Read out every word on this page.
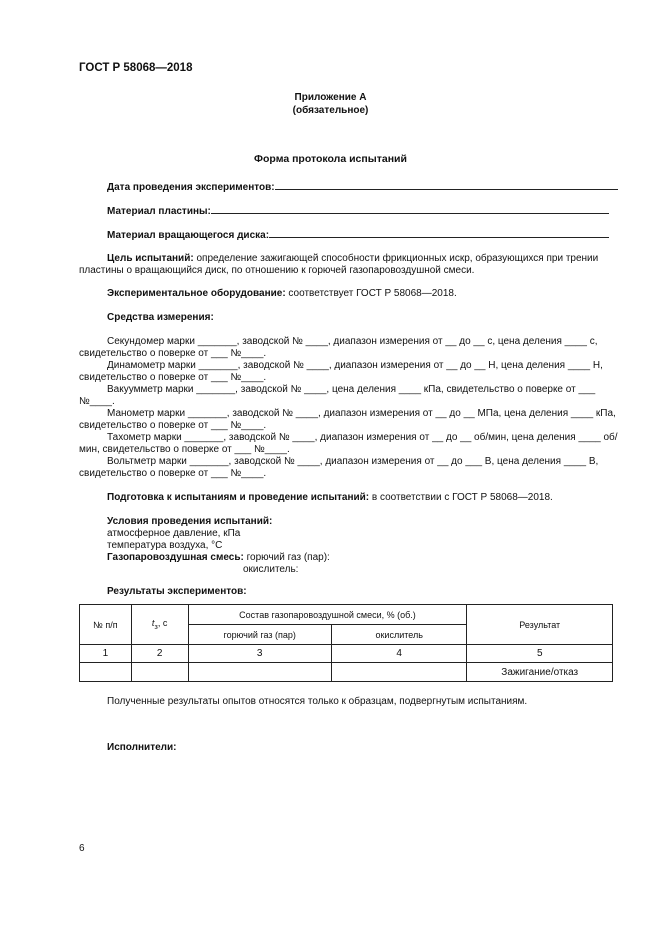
ГОСТ Р 58068—2018
Приложение А
(обязательное)
Форма протокола испытаний
Дата проведения экспериментов:
Материал пластины:
Материал вращающегося диска:
Цель испытаний: определение зажигающей способности фрикционных искр, образующихся при трении
пластины о вращающийся диск, по отношению к горючей газопаровоздушной смеси.
Экспериментальное оборудование: соответствует ГОСТ Р 58068—2018.
Средства измерения:
Секундомер марки _______, заводской № ____, диапазон измерения от __ до __ с, цена деления ____ с,
свидетельство о поверке от ___ №____.
Динамометр марки _______, заводской № ____, диапазон измерения от __ до __ Н, цена деления ____ Н,
свидетельство о поверке от ___ №____.
Вакуумметр марки _______, заводской № ____, цена деления ____ кПа, свидетельство о поверке от ___
№____.
Манометр марки _______, заводской № ____, диапазон измерения от __ до __ МПа, цена деления ____ кПа,
свидетельство о поверке от ___ №____.
Тахометр марки _______, заводской № ____, диапазон измерения от __ до __ об/мин, цена деления ____ об/
мин, свидетельство о поверке от ___ №____.
Вольтметр марки _______, заводской № ____, диапазон измерения от __ до ___ В, цена деления ____ В,
свидетельство о поверке от ___ №____.
Подготовка к испытаниям и проведение испытаний: в соответствии с ГОСТ Р 58068—2018.
Условия проведения испытаний:
атмосферное давление, кПа
температура воздуха, °С
Газопаровоздушная смесь: горючий газ (пар):
окислитель:
Результаты экспериментов:
№ п/п	$t_з$, с	Состав газопаровоздушной смеси, % (об.)		Результат
		горючий газ (пар)	окислитель	
1	2	3	4	5
				Зажигание/отказ
Полученные результаты опытов относятся только к образцам, подвергнутым испытаниям.
Исполнители:
6
